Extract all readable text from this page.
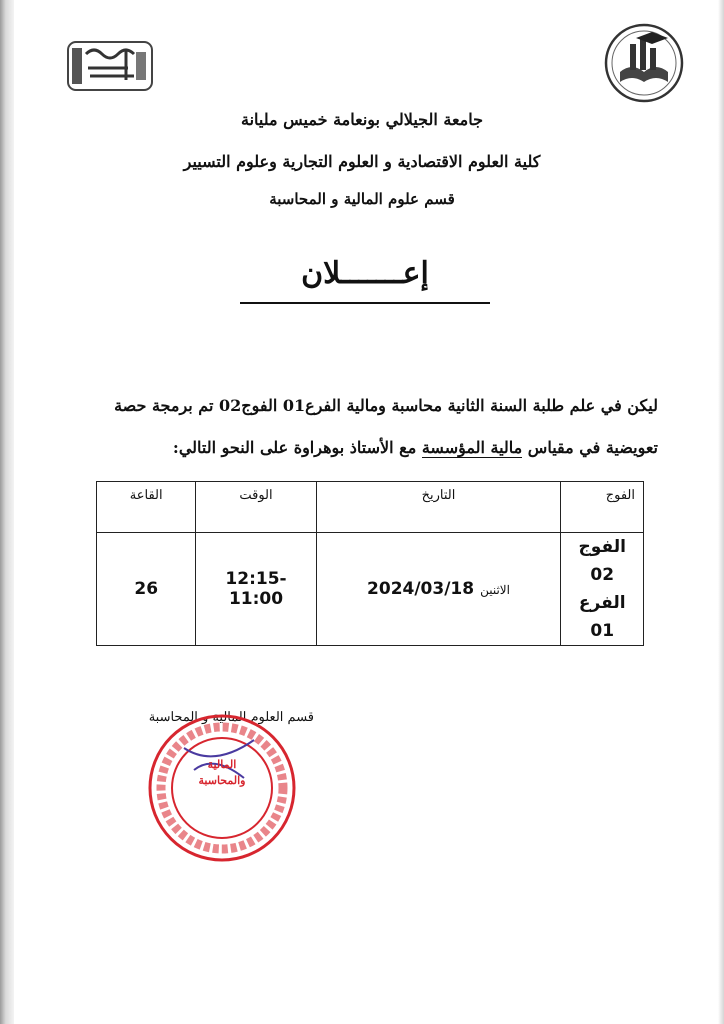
جامعة الجيلالي بونعامة خميس مليانة
كلية العلوم الاقتصادية و العلوم التجارية وعلوم التسيير
قسم علوم المالية و المحاسبة
إعـــــــلان
ليكن في علم طلبة السنة الثانية محاسبة ومالية الفرع01 الفوج02 تم برمجة حصة
تعويضية في مقياس مالية المؤسسة مع الأستاذ بوهراوة على النحو التالي:
الفوج	التاريخ	الوقت	القاعة

الفوج 02
الفرع 01	الاثنين2024/03/18	12:15-11:00	26
قسم العلوم المالية و المحاسبة
المالية
والمحاسبة
